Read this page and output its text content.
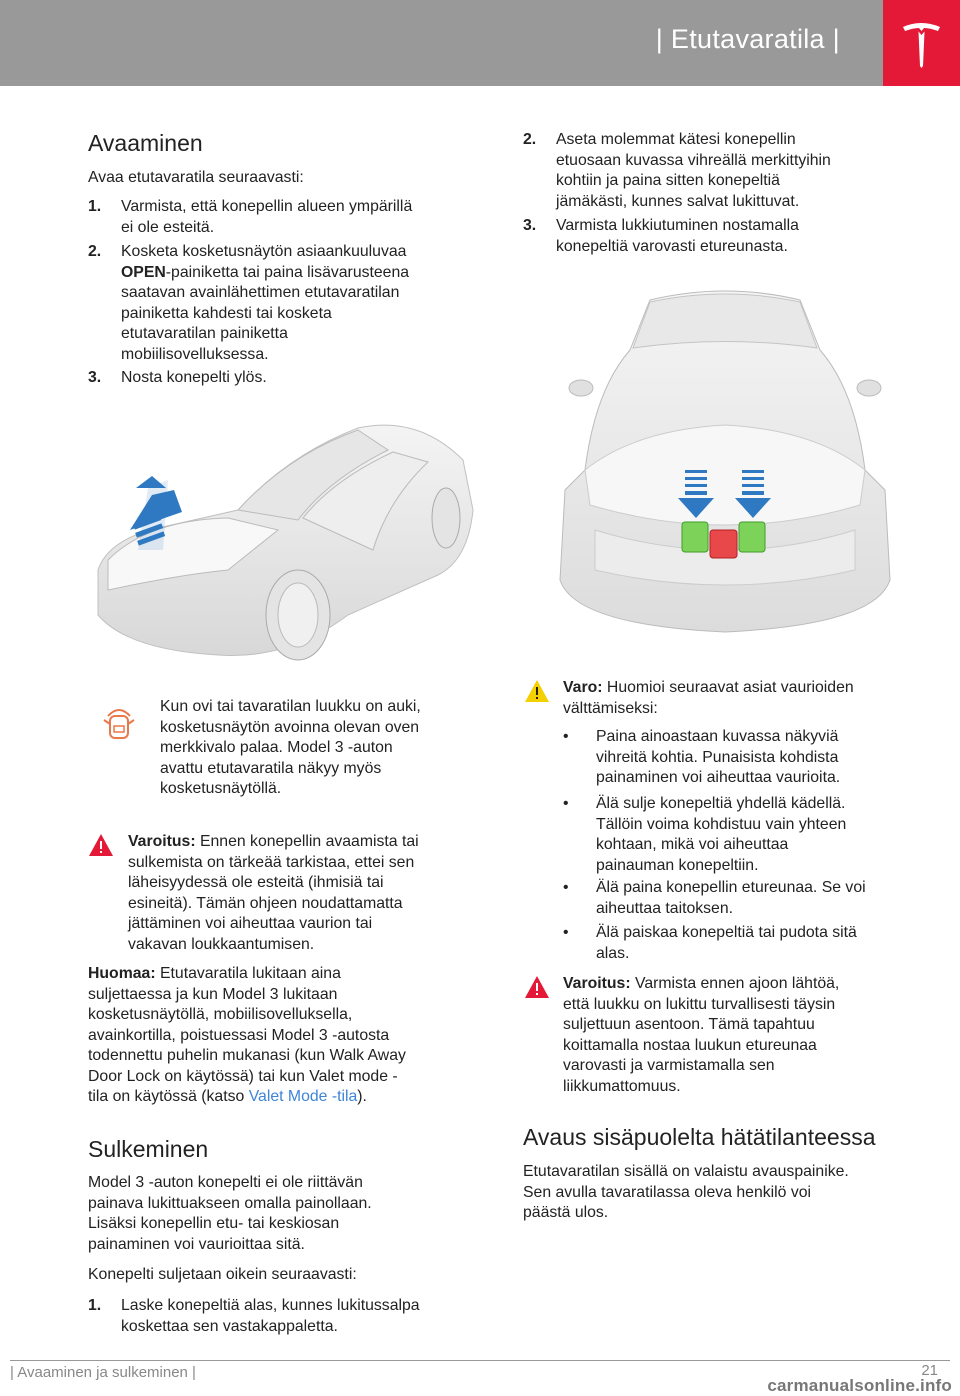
| Etutavaratila |
Avaaminen

Avaa etutavaratila seuraavasti:

1. Varmista, että konepellin alueen ympärillä
ei ole esteitä.
2. Kosketa kosketusnäytön asiaankuuluvaa
OPEN-painiketta tai paina lisävarusteena
saatavan avainlähettimen etutavaratilan
painiketta kahdesti tai kosketa
etutavaratilan painiketta
mobiilisovelluksessa.
3. Nosta konepelti ylös.
Kun ovi tai tavaratilan luukku on auki,
kosketusnäytön avoinna olevan oven
merkkivalo palaa. Model 3 -auton
avattu etutavaratila näkyy myös
kosketusnäytöllä.
Varoitus: Ennen konepellin avaamista tai
sulkemista on tärkeää tarkistaa, ettei sen
läheisyydessä ole esteitä (ihmisiä tai
esineitä). Tämän ohjeen noudattamatta
jättäminen voi aiheuttaa vaurion tai
vakavan loukkaantumisen.
Huomaa: Etutavaratila lukitaan aina
suljettaessa ja kun Model 3 lukitaan
kosketusnäytöllä, mobiilisovelluksella,
avainkortilla, poistuessasi Model 3 -autosta
todennettu puhelin mukanasi (kun Walk Away
Door Lock on käytössä) tai kun Valet mode -
tila on käytössä (katso Valet Mode -tila).
Sulkeminen
Model 3 -auton konepelti ei ole riittävän
painava lukittuakseen omalla painollaan.
Lisäksi konepellin etu- tai keskiosan
painaminen voi vaurioittaa sitä.

Konepelti suljetaan oikein seuraavasti:

1. Laske konepeltiä alas, kunnes lukitussalpa
koskettaa sen vastakappaletta.
2. Aseta molemmat kätesi konepellin
etuosaan kuvassa vihreällä merkittyihin
kohtiin ja paina sitten konepeltiä
jämäkästi, kunnes salvat lukittuvat.
3. Varmista lukkiutuminen nostamalla
konepeltiä varovasti etureunasta.
Varo: Huomioi seuraavat asiat vaurioiden
välttämiseksi:
• Paina ainoastaan kuvassa näkyviä
vihreitä kohtia. Punaisista kohdista
painaminen voi aiheuttaa vaurioita.
• Älä sulje konepeltiä yhdellä kädellä.
Tällöin voima kohdistuu vain yhteen
kohtaan, mikä voi aiheuttaa
painauman konepeltiin.
• Älä paina konepellin etureunaa. Se voi
aiheuttaa taitoksen.
• Älä paiskaa konepeltiä tai pudota sitä
alas.
Varoitus: Varmista ennen ajoon lähtöä,
että luukku on lukittu turvallisesti täysin
suljettuun asentoon. Tämä tapahtuu
koittamalla nostaa luukun etureunaa
varovasti ja varmistamalla sen
liikkumattomuus.
Avaus sisäpuolelta hätätilanteessa
Etutavaratilan sisällä on valaistu avauspainike.
Sen avulla tavaratilassa oleva henkilö voi
päästä ulos.
| Avaaminen ja sulkeminen |	21
carmanualsonline.info
